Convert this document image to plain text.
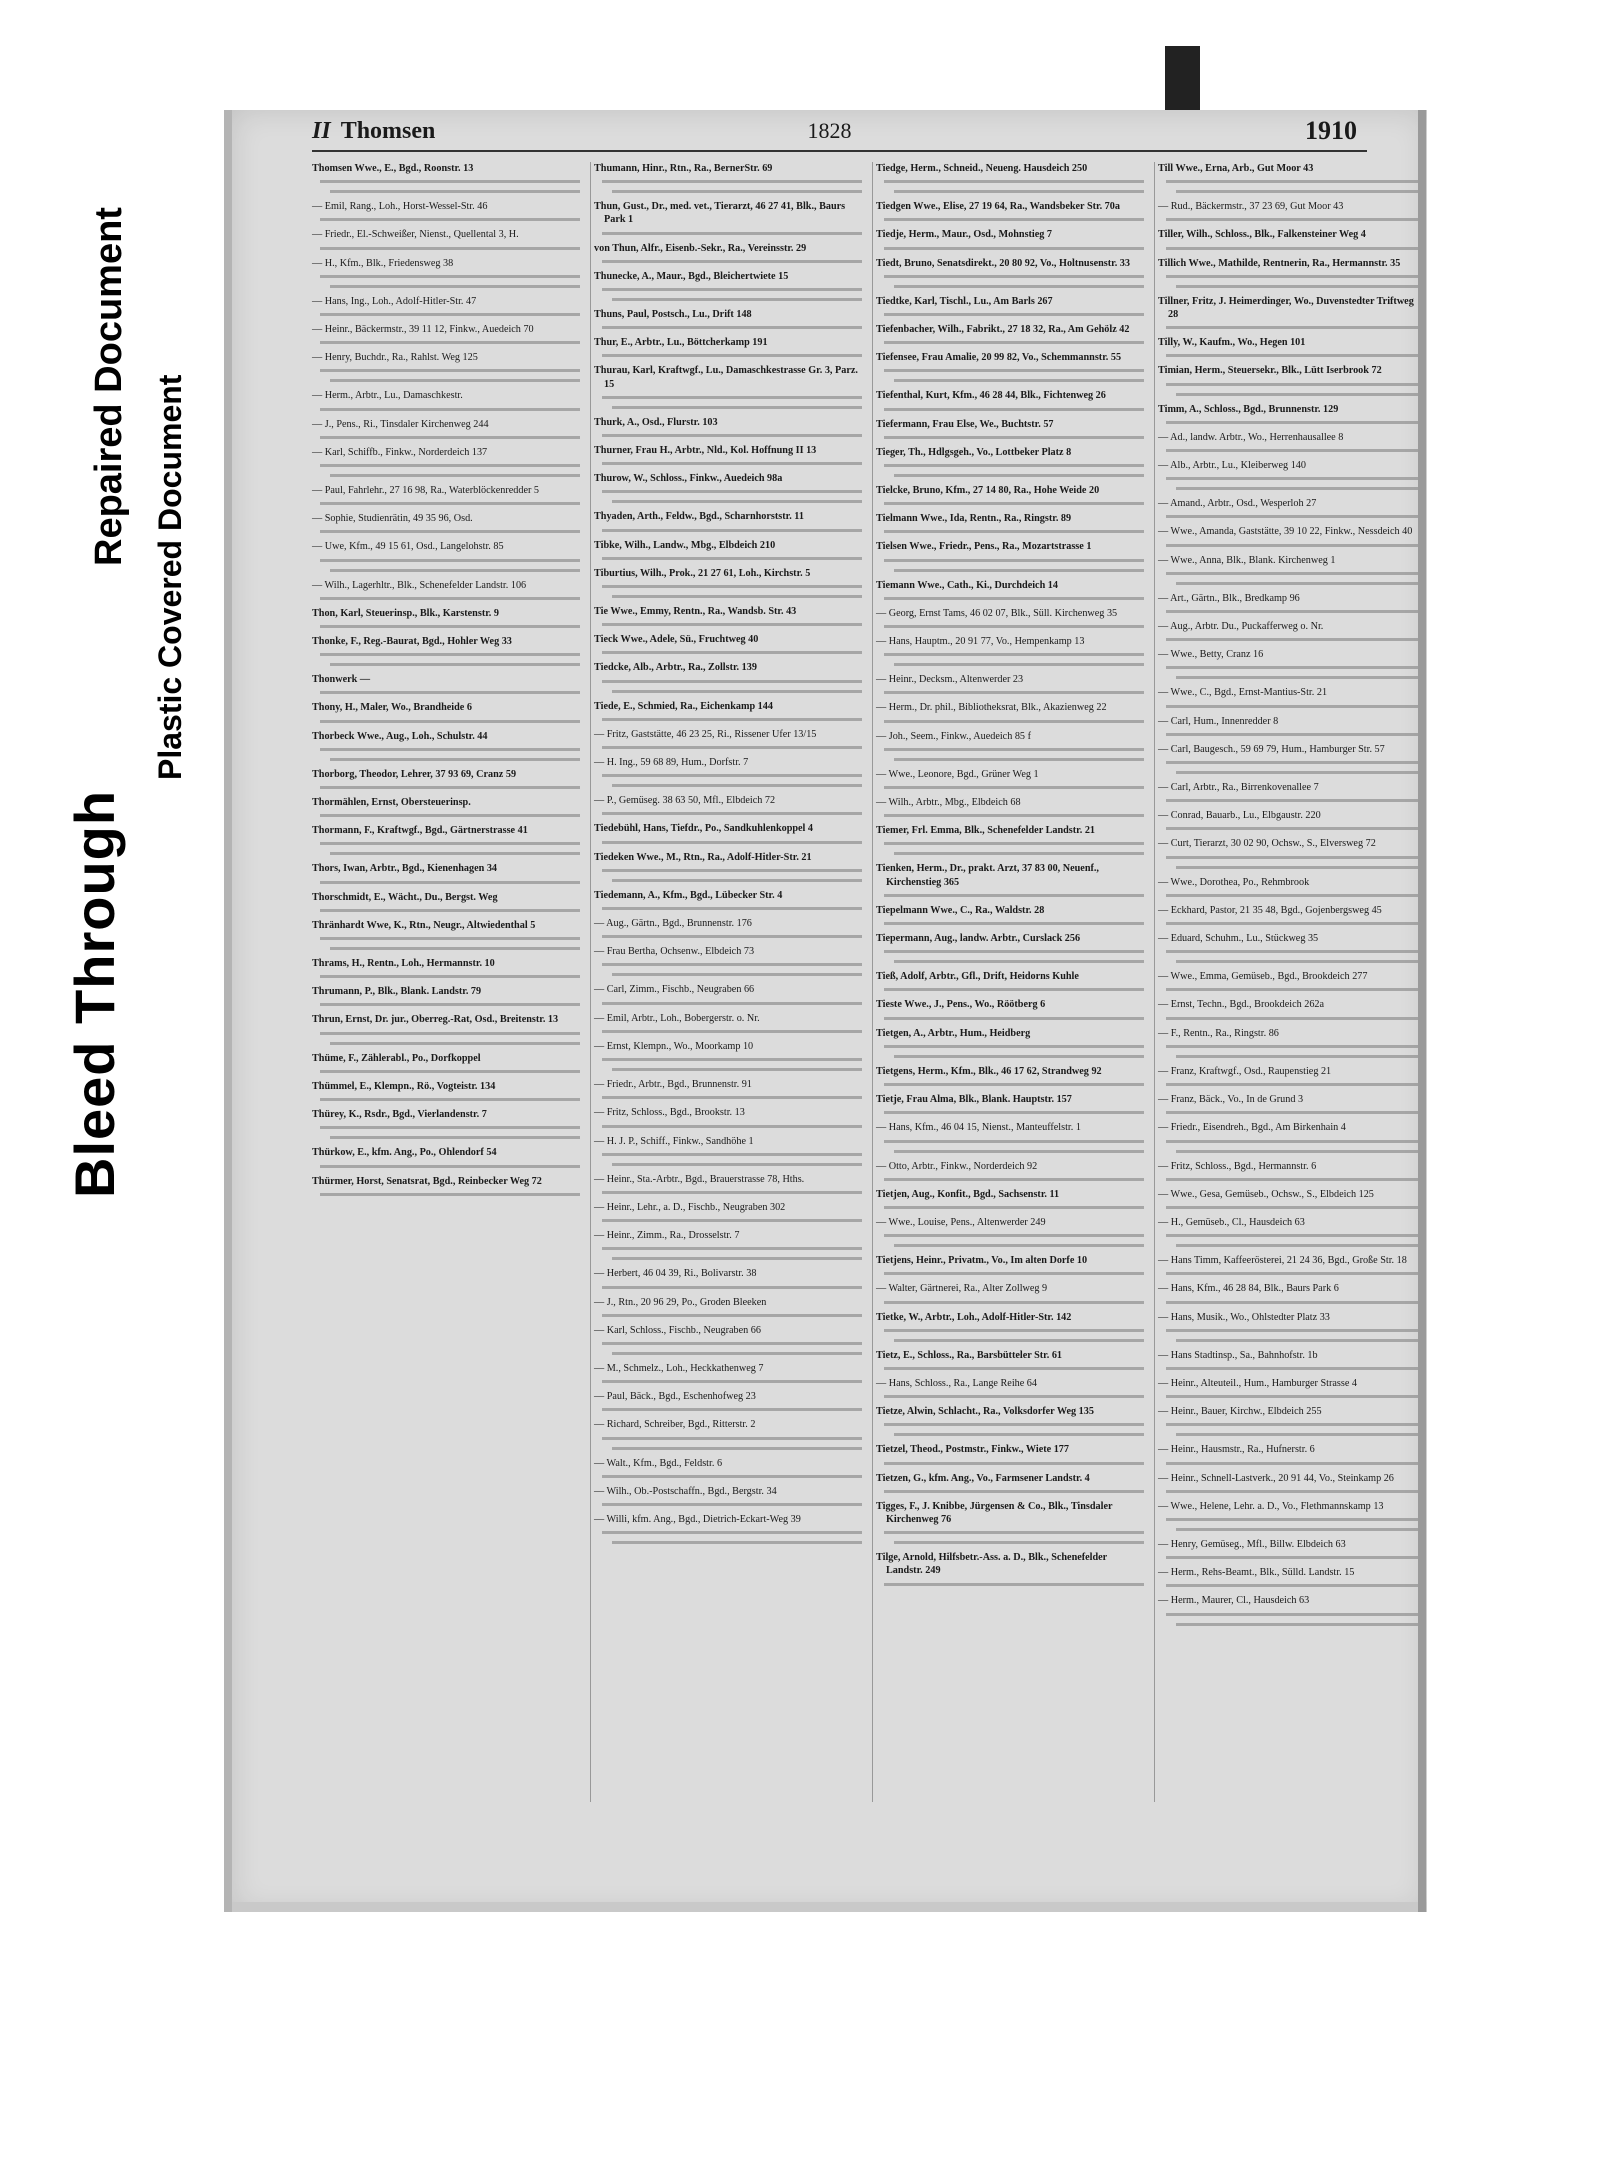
Bleed Through
Plastic Covered Document
Repaired Document
II Thomsen	1828	1910

Thomsen Wwe., E., Bgd., Roonstr. 13

— Emil, Rang., Loh., Horst-Wessel-Str. 46

— Friedr., El.-Schweißer, Nienst., Quellental 3, H.

— H., Kfm., Blk., Friedensweg 38

— Hans, Ing., Loh., Adolf-Hitler-Str. 47

— Heinr., Bäckermstr., 39 11 12, Finkw., Auedeich 70

— Henry, Buchdr., Ra., Rahlst. Weg 125

— Herm., Arbtr., Lu., Damaschkestr.

— J., Pens., Ri., Tinsdaler Kirchenweg 244

— Karl, Schiffb., Finkw., Norderdeich 137

— Paul, Fahrlehr., 27 16 98, Ra., Waterblöckenredder 5

— Sophie, Studienrätin, 49 35 96, Osd.

— Uwe, Kfm., 49 15 61, Osd., Langelohstr. 85

— Wilh., Lagerhltr., Blk., Schenefelder Landstr. 106

Thon, Karl, Steuerinsp., Blk., Karstenstr. 9

Thonke, F., Reg.-Baurat, Bgd., Hohler Weg 33

Thonwerk —

Thony, H., Maler, Wo., Brandheide 6

Thorbeck Wwe., Aug., Loh., Schulstr. 44

Thorborg, Theodor, Lehrer, 37 93 69, Cranz 59

Thormählen, Ernst, Obersteuerinsp.

Thormann, F., Kraftwgf., Bgd., Gärtnerstrasse 41

Thors, Iwan, Arbtr., Bgd., Kienenhagen 34

Thorschmidt, E., Wächt., Du., Bergst. Weg

Thränhardt Wwe, K., Rtn., Neugr., Altwiedenthal 5

Thrams, H., Rentn., Loh., Hermannstr. 10

Thrumann, P., Blk., Blank. Landstr. 79

Thrun, Ernst, Dr. jur., Oberreg.-Rat, Osd., Breitenstr. 13

Thüme, F., Zählerabl., Po., Dorfkoppel

Thümmel, E., Klempn., Rö., Vogteistr. 134

Thürey, K., Rsdr., Bgd., Vierlandenstr. 7

Thürkow, E., kfm. Ang., Po., Ohlendorf 54

Thürmer, Horst, Senatsrat, Bgd., Reinbecker Weg 72

Thumann, Hinr., Rtn., Ra., BernerStr. 69

Thun, Gust., Dr., med. vet., Tierarzt, 46 27 41, Blk., Baurs Park 1

von Thun, Alfr., Eisenb.-Sekr., Ra., Vereinsstr. 29

Thunecke, A., Maur., Bgd., Bleichertwiete 15

Thuns, Paul, Postsch., Lu., Drift 148

Thur, E., Arbtr., Lu., Böttcherkamp 191

Thurau, Karl, Kraftwgf., Lu., Damaschkestrasse Gr. 3, Parz. 15

Thurk, A., Osd., Flurstr. 103

Thurner, Frau H., Arbtr., Nld., Kol. Hoffnung II 13

Thurow, W., Schloss., Finkw., Auedeich 98a

Thyaden, Arth., Feldw., Bgd., Scharnhorststr. 11

Tibke, Wilh., Landw., Mbg., Elbdeich 210

Tiburtius, Wilh., Prok., 21 27 61, Loh., Kirchstr. 5

Tie Wwe., Emmy, Rentn., Ra., Wandsb. Str. 43

Tieck Wwe., Adele, Sü., Fruchtweg 40

Tiedcke, Alb., Arbtr., Ra., Zollstr. 139

Tiede, E., Schmied, Ra., Eichenkamp 144

— Fritz, Gaststätte, 46 23 25, Ri., Rissener Ufer 13/15

— H. Ing., 59 68 89, Hum., Dorfstr. 7

— P., Gemüseg. 38 63 50, Mfl., Elbdeich 72

Tiedebühl, Hans, Tiefdr., Po., Sandkuhlenkoppel 4

Tiedeken Wwe., M., Rtn., Ra., Adolf-Hitler-Str. 21

Tiedemann, A., Kfm., Bgd., Lübecker Str. 4

— Aug., Gärtn., Bgd., Brunnenstr. 176

— Frau Bertha, Ochsenw., Elbdeich 73

— Carl, Zimm., Fischb., Neugraben 66

— Emil, Arbtr., Loh., Bobergerstr. o. Nr.

— Ernst, Klempn., Wo., Moorkamp 10

— Friedr., Arbtr., Bgd., Brunnenstr. 91

— Fritz, Schloss., Bgd., Brookstr. 13

— H. J. P., Schiff., Finkw., Sandhöhe 1

— Heinr., Sta.-Arbtr., Bgd., Brauerstrasse 78, Hths.

— Heinr., Lehr., a. D., Fischb., Neugraben 302

— Heinr., Zimm., Ra., Drosselstr. 7

— Herbert, 46 04 39, Ri., Bolivarstr. 38

— J., Rtn., 20 96 29, Po., Groden Bleeken

— Karl, Schloss., Fischb., Neugraben 66

— M., Schmelz., Loh., Heckkathenweg 7

— Paul, Bäck., Bgd., Eschenhofweg 23

— Richard, Schreiber, Bgd., Ritterstr. 2

— Walt., Kfm., Bgd., Feldstr. 6

— Wilh., Ob.-Postschaffn., Bgd., Bergstr. 34

— Willi, kfm. Ang., Bgd., Dietrich-Eckart-Weg 39

Tiedge, Herm., Schneid., Neueng. Hausdeich 250

Tiedgen Wwe., Elise, 27 19 64, Ra., Wandsbeker Str. 70a

Tiedje, Herm., Maur., Osd., Mohnstieg 7

Tiedt, Bruno, Senatsdirekt., 20 80 92, Vo., Holtnusenstr. 33

Tiedtke, Karl, Tischl., Lu., Am Barls 267

Tiefenbacher, Wilh., Fabrikt., 27 18 32, Ra., Am Gehölz 42

Tiefensee, Frau Amalie, 20 99 82, Vo., Schemmannstr. 55

Tiefenthal, Kurt, Kfm., 46 28 44, Blk., Fichtenweg 26

Tiefermann, Frau Else, We., Buchtstr. 57

Tieger, Th., Hdlgsgeh., Vo., Lottbeker Platz 8

Tielcke, Bruno, Kfm., 27 14 80, Ra., Hohe Weide 20

Tielmann Wwe., Ida, Rentn., Ra., Ringstr. 89

Tielsen Wwe., Friedr., Pens., Ra., Mozartstrasse 1

Tiemann Wwe., Cath., Ki., Durchdeich 14

— Georg, Ernst Tams, 46 02 07, Blk., Süll. Kirchenweg 35

— Hans, Hauptm., 20 91 77, Vo., Hempenkamp 13

— Heinr., Decksm., Altenwerder 23

— Herm., Dr. phil., Bibliotheksrat, Blk., Akazienweg 22

— Joh., Seem., Finkw., Auedeich 85 f

— Wwe., Leonore, Bgd., Grüner Weg 1

— Wilh., Arbtr., Mbg., Elbdeich 68

Tiemer, Frl. Emma, Blk., Schenefelder Landstr. 21

Tienken, Herm., Dr., prakt. Arzt, 37 83 00, Neuenf., Kirchenstieg 365

Tiepelmann Wwe., C., Ra., Waldstr. 28

Tiepermann, Aug., landw. Arbtr., Curslack 256

Tieß, Adolf, Arbtr., Gfl., Drift, Heidorns Kuhle

Tieste Wwe., J., Pens., Wo., Röötberg 6

Tietgen, A., Arbtr., Hum., Heidberg

Tietgens, Herm., Kfm., Blk., 46 17 62, Strandweg 92

Tietje, Frau Alma, Blk., Blank. Hauptstr. 157

— Hans, Kfm., 46 04 15, Nienst., Manteuffelstr. 1

— Otto, Arbtr., Finkw., Norderdeich 92

Tietjen, Aug., Konfit., Bgd., Sachsenstr. 11

— Wwe., Louise, Pens., Altenwerder 249

Tietjens, Heinr., Privatm., Vo., Im alten Dorfe 10

— Walter, Gärtnerei, Ra., Alter Zollweg 9

Tietke, W., Arbtr., Loh., Adolf-Hitler-Str. 142

Tietz, E., Schloss., Ra., Barsbütteler Str. 61

— Hans, Schloss., Ra., Lange Reihe 64

Tietze, Alwin, Schlacht., Ra., Volksdorfer Weg 135

Tietzel, Theod., Postmstr., Finkw., Wiete 177

Tietzen, G., kfm. Ang., Vo., Farmsener Landstr. 4

Tigges, F., J. Knibbe, Jürgensen & Co., Blk., Tinsdaler Kirchenweg 76

Tilge, Arnold, Hilfsbetr.-Ass. a. D., Blk., Schenefelder Landstr. 249

Till Wwe., Erna, Arb., Gut Moor 43

— Rud., Bäckermstr., 37 23 69, Gut Moor 43

Tiller, Wilh., Schloss., Blk., Falkensteiner Weg 4

Tillich Wwe., Mathilde, Rentnerin, Ra., Hermannstr. 35

Tillner, Fritz, J. Heimerdinger, Wo., Duvenstedter Triftweg 28

Tilly, W., Kaufm., Wo., Hegen 101

Timian, Herm., Steuersekr., Blk., Lütt Iserbrook 72

Timm, A., Schloss., Bgd., Brunnenstr. 129

— Ad., landw. Arbtr., Wo., Herrenhausallee 8

— Alb., Arbtr., Lu., Kleiberweg 140

— Amand., Arbtr., Osd., Wesperloh 27

— Wwe., Amanda, Gaststätte, 39 10 22, Finkw., Nessdeich 40

— Wwe., Anna, Blk., Blank. Kirchenweg 1

— Art., Gärtn., Blk., Bredkamp 96

— Aug., Arbtr. Du., Puckafferweg o. Nr.

— Wwe., Betty, Cranz 16

— Wwe., C., Bgd., Ernst-Mantius-Str. 21

— Carl, Hum., Innenredder 8

— Carl, Baugesch., 59 69 79, Hum., Hamburger Str. 57

— Carl, Arbtr., Ra., Birrenkovenallee 7

— Conrad, Bauarb., Lu., Elbgaustr. 220

— Curt, Tierarzt, 30 02 90, Ochsw., S., Elversweg 72

— Wwe., Dorothea, Po., Rehmbrook

— Eckhard, Pastor, 21 35 48, Bgd., Gojenbergsweg 45

— Eduard, Schuhm., Lu., Stückweg 35

— Wwe., Emma, Gemüseb., Bgd., Brookdeich 277

— Ernst, Techn., Bgd., Brookdeich 262a

— F., Rentn., Ra., Ringstr. 86

— Franz, Kraftwgf., Osd., Raupenstieg 21

— Franz, Bäck., Vo., In de Grund 3

— Friedr., Eisendreh., Bgd., Am Birkenhain 4

— Fritz, Schloss., Bgd., Hermannstr. 6

— Wwe., Gesa, Gemüseb., Ochsw., S., Elbdeich 125

— H., Gemüseb., Cl., Hausdeich 63

— Hans Timm, Kaffeerösterei, 21 24 36, Bgd., Große Str. 18

— Hans, Kfm., 46 28 84, Blk., Baurs Park 6

— Hans, Musik., Wo., Ohlstedter Platz 33

— Hans Stadtinsp., Sa., Bahnhofstr. 1b

— Heinr., Alteuteil., Hum., Hamburger Strasse 4

— Heinr., Bauer, Kirchw., Elbdeich 255

— Heinr., Hausmstr., Ra., Hufnerstr. 6

— Heinr., Schnell-Lastverk., 20 91 44, Vo., Steinkamp 26

— Wwe., Helene, Lehr. a. D., Vo., Flethmannskamp 13

— Henry, Gemüseg., Mfl., Billw. Elbdeich 63

— Herm., Rehs-Beamt., Blk., Sülld. Landstr. 15

— Herm., Maurer, Cl., Hausdeich 63
